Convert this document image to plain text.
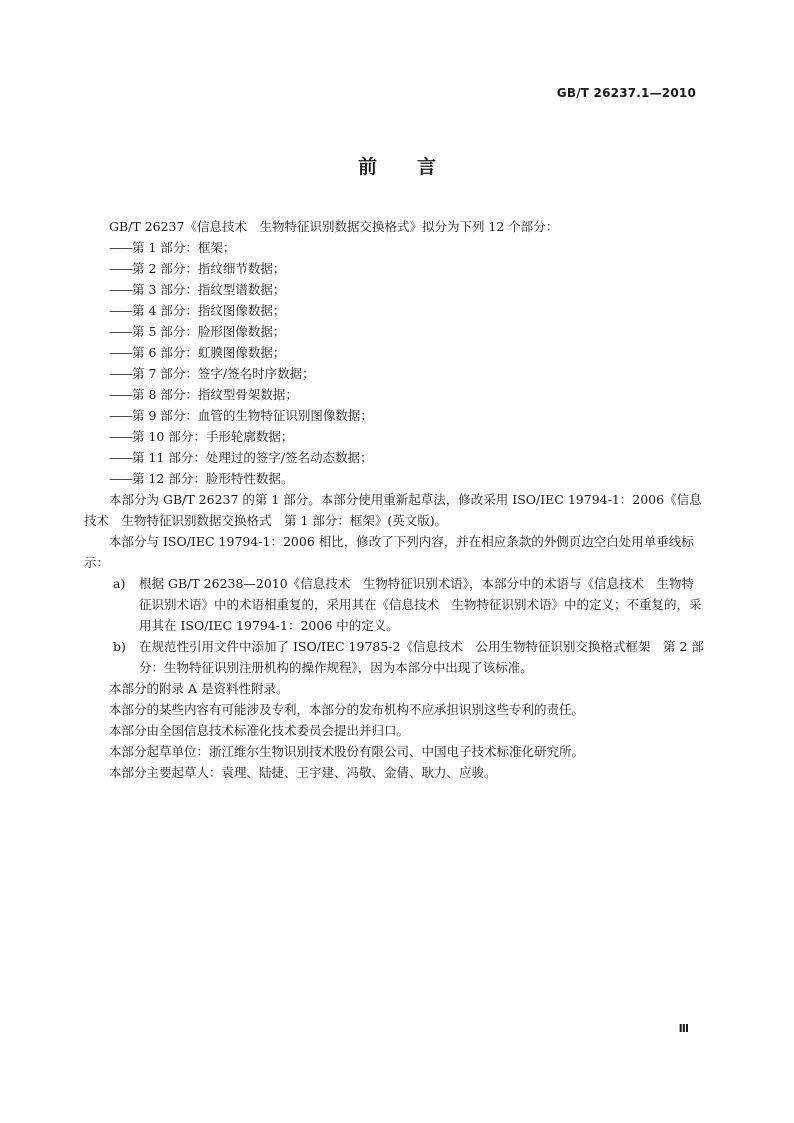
GB/T 26237.1—2010
前 言

GB/T 26237《信息技术　生物特征识别数据交换格式》拟分为下列 12 个部分：

——第 1 部分：框架；

——第 2 部分：指纹细节数据；

——第 3 部分：指纹型谱数据；

——第 4 部分：指纹图像数据；

——第 5 部分：脸形图像数据；

——第 6 部分：虹膜图像数据；

——第 7 部分：签字/签名时序数据；

——第 8 部分：指纹型骨架数据；

——第 9 部分：血管的生物特征识别图像数据；

——第 10 部分：手形轮廓数据；

——第 11 部分：处理过的签字/签名动态数据；

——第 12 部分：脸形特性数据。

本部分为 GB/T 26237 的第 1 部分。本部分使用重新起草法，修改采用 ISO/IEC 19794-1：2006《信息技术　生物特征识别数据交换格式　第 1 部分：框架》(英文版)。

本部分与 ISO/IEC 19794-1：2006 相比，修改了下列内容，并在相应条款的外侧页边空白处用单垂线标示：

a) 根据 GB/T 26238—2010《信息技术　生物特征识别术语》，本部分中的术语与《信息技术　生物特征识别术语》中的术语相重复的，采用其在《信息技术　生物特征识别术语》中的定义；不重复的，采用其在 ISO/IEC 19794-1：2006 中的定义。

b) 在规范性引用文件中添加了 ISO/IEC 19785-2《信息技术　公用生物特征识别交换格式框架　第 2 部分：生物特征识别注册机构的操作规程》，因为本部分中出现了该标准。

本部分的附录 A 是资料性附录。

本部分的某些内容有可能涉及专利，本部分的发布机构不应承担识别这些专利的责任。

本部分由全国信息技术标准化技术委员会提出并归口。

本部分起草单位：浙江维尔生物识别技术股份有限公司、中国电子技术标准化研究所。

本部分主要起草人：袁理、陆捷、王宇建、冯敬、金倩、耿力、应骏。

Ⅲ
